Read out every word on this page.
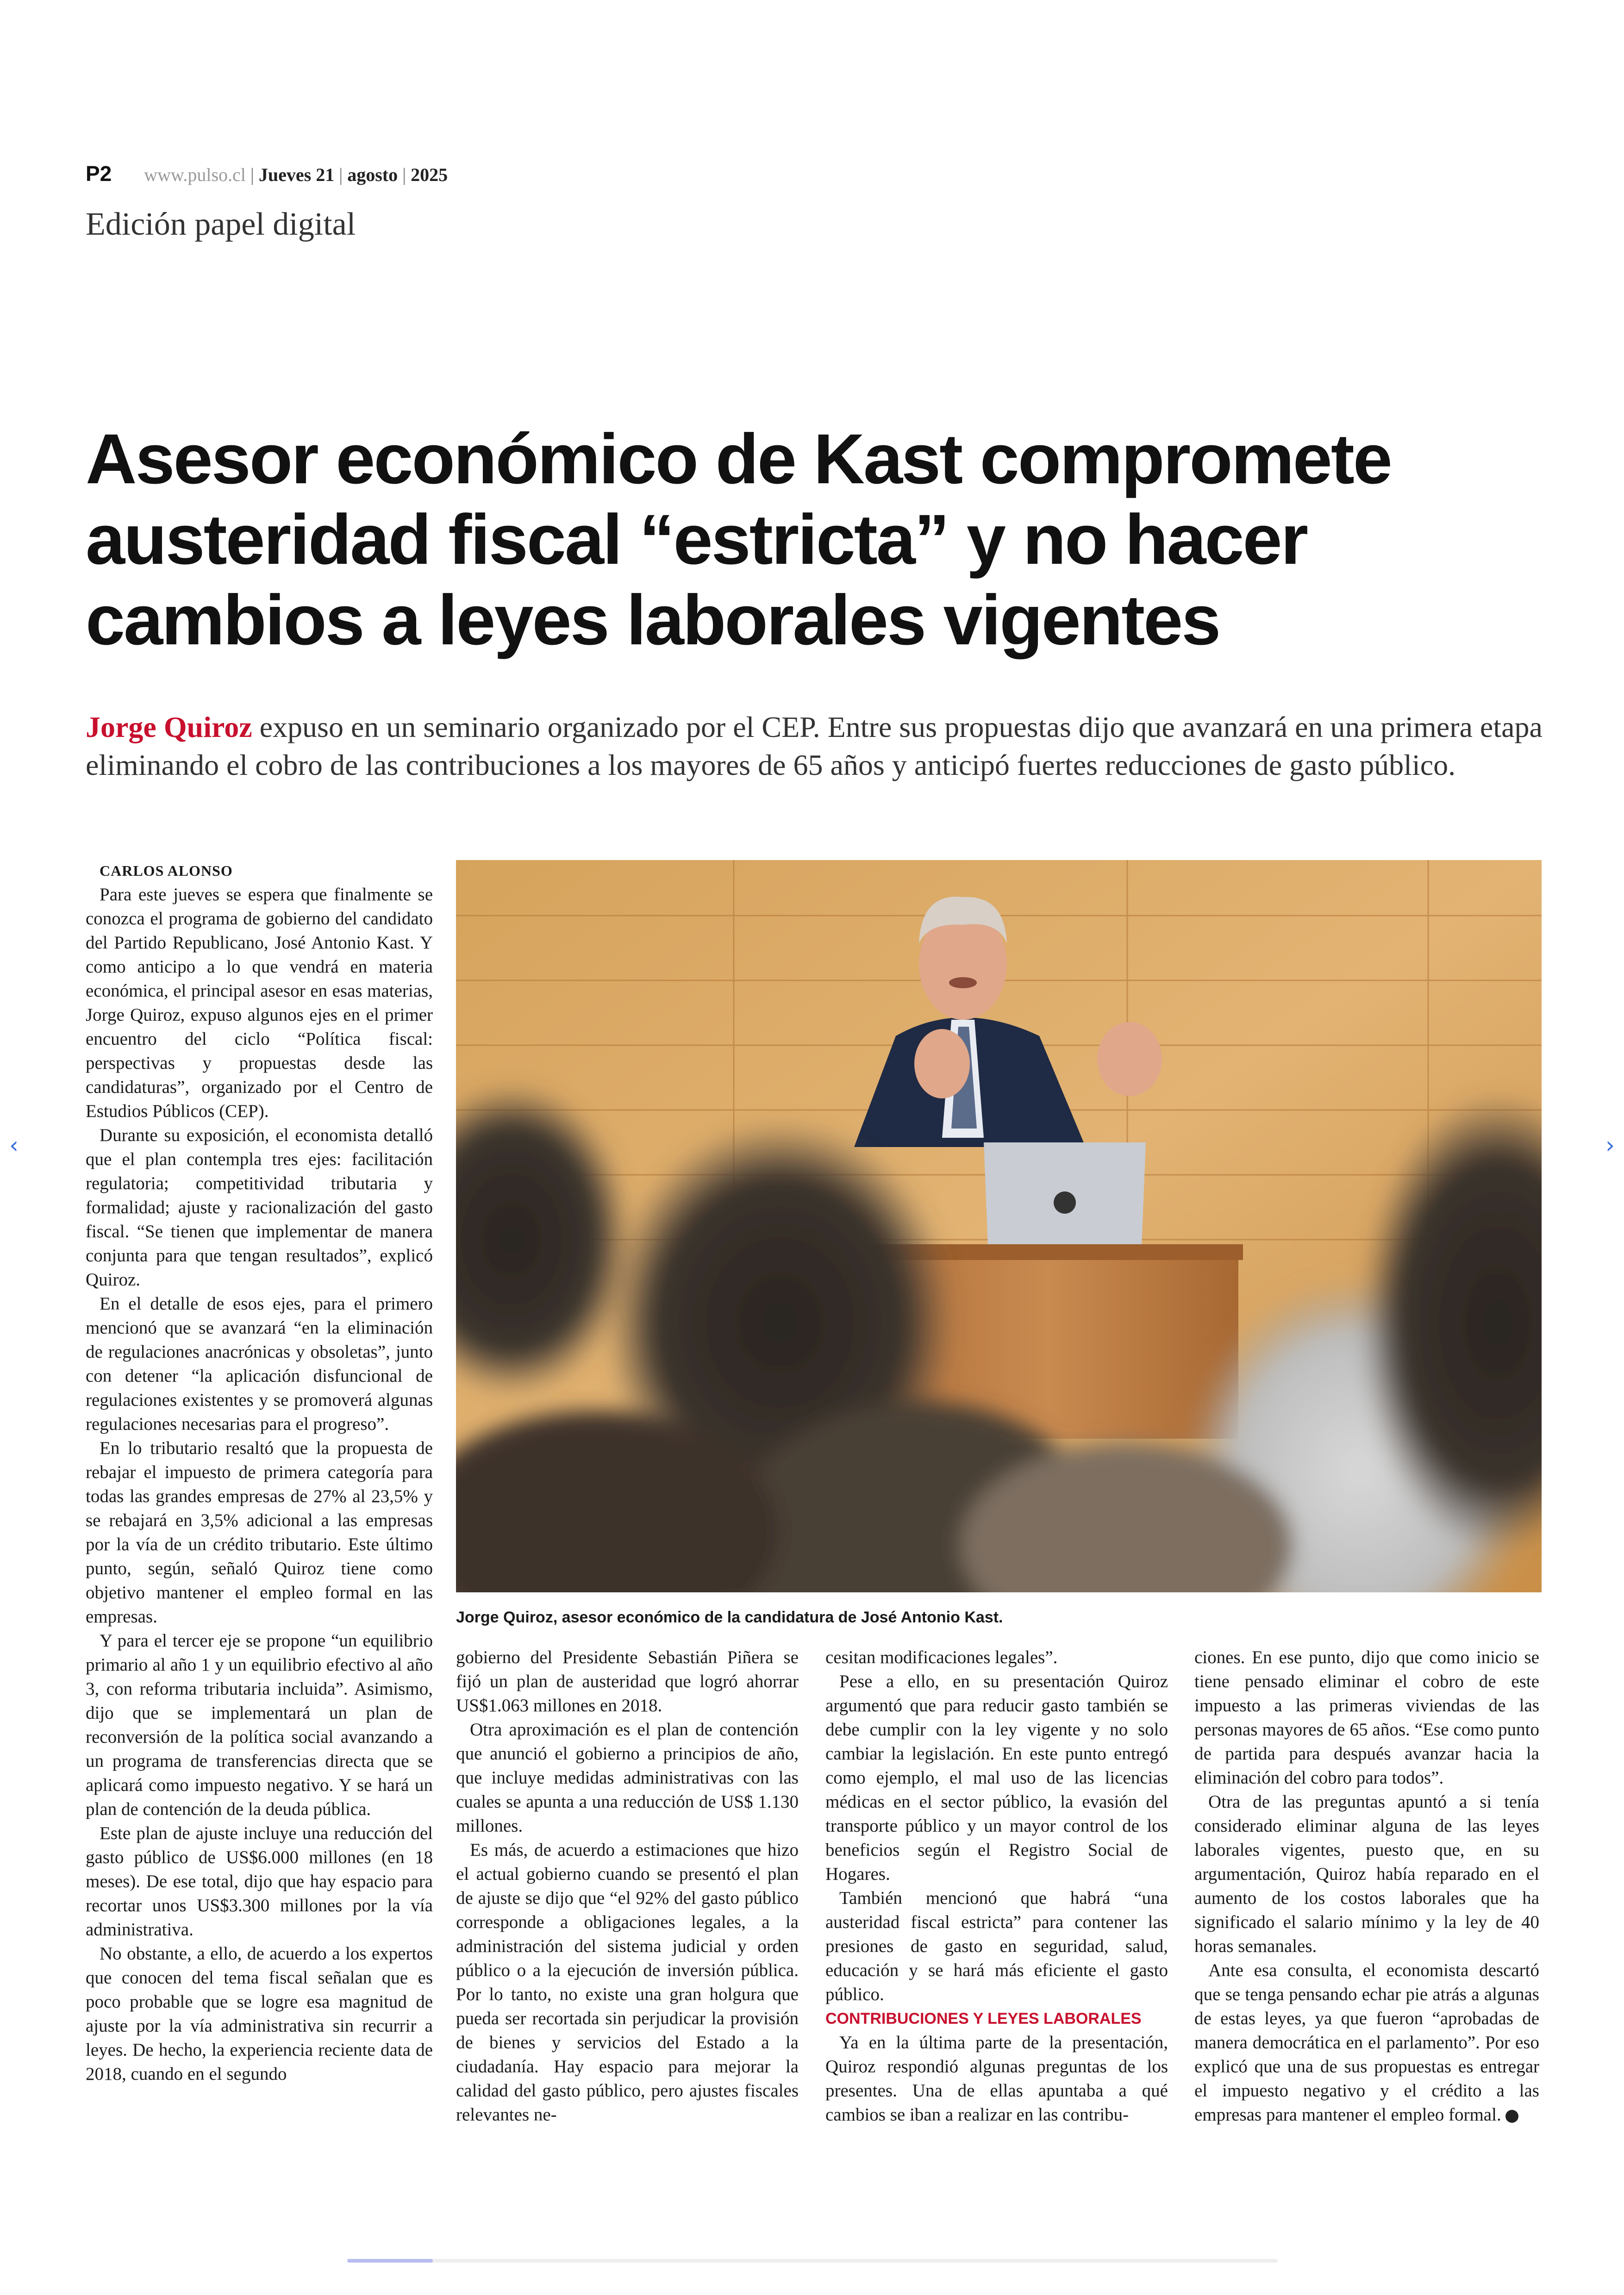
P2 www.pulso.cl | Jueves 21 | agosto | 2025
Edición papel digital
Asesor económico de Kast compromete austeridad fiscal “estricta” y no hacer cambios a leyes laborales vigentes

Jorge Quiroz expuso en un seminario organizado por el CEP. Entre sus propuestas dijo que avanzará en una primera etapa eliminando el cobro de las contribuciones a los mayores de 65 años y anticipó fuertes reducciones de gasto público.

CARLOS ALONSO

Para este jueves se espera que finalmente se conozca el programa de gobierno del candidato del Partido Republicano, José Antonio Kast. Y como anticipo a lo que vendrá en materia económica, el principal asesor en esas materias, Jorge Quiroz, expuso algunos ejes en el primer encuentro del ciclo “Política fiscal: perspectivas y propuestas desde las candidaturas”, organizado por el Centro de Estudios Públicos (CEP).

Durante su exposición, el economista detalló que el plan contempla tres ejes: facilitación regulatoria; competitividad tributaria y formalidad; ajuste y racionalización del gasto fiscal. “Se tienen que implementar de manera conjunta para que tengan resultados”, explicó Quiroz.

En el detalle de esos ejes, para el primero mencionó que se avanzará “en la eliminación de regulaciones anacrónicas y obsoletas”, junto con detener “la aplicación disfuncional de regulaciones existentes y se promoverá algunas regulaciones necesarias para el progreso”.

En lo tributario resaltó que la propuesta de rebajar el impuesto de primera categoría para todas las grandes empresas de 27% al 23,5% y se rebajará en 3,5% adicional a las empresas por la vía de un crédito tributario. Este último punto, según, señaló Quiroz tiene como objetivo mantener el empleo formal en las empresas.

Y para el tercer eje se propone “un equilibrio primario al año 1 y un equilibrio efectivo al año 3, con reforma tributaria incluida”. Asimismo, dijo que se implementará un plan de reconversión de la política social avanzando a un programa de transferencias directa que se aplicará como impuesto negativo. Y se hará un plan de contención de la deuda pública.

Este plan de ajuste incluye una reducción del gasto público de US$6.000 millones (en 18 meses). De ese total, dijo que hay espacio para recortar unos US$3.300 millones por la vía administrativa.

No obstante, a ello, de acuerdo a los expertos que conocen del tema fiscal señalan que es poco probable que se logre esa magnitud de ajuste por la vía administrativa sin recurrir a leyes. De hecho, la experiencia reciente data de 2018, cuando en el segundo

Jorge Quiroz, asesor económico de la candidatura de José Antonio Kast.

gobierno del Presidente Sebastián Piñera se fijó un plan de austeridad que logró ahorrar US$1.063 millones en 2018.

Otra aproximación es el plan de contención que anunció el gobierno a principios de año, que incluye medidas administrativas con las cuales se apunta a una reducción de US$ 1.130 millones.

Es más, de acuerdo a estimaciones que hizo el actual gobierno cuando se presentó el plan de ajuste se dijo que “el 92% del gasto público corresponde a obligaciones legales, a la administración del sistema judicial y orden público o a la ejecución de inversión pública. Por lo tanto, no existe una gran holgura que pueda ser recortada sin perjudicar la provisión de bienes y servicios del Estado a la ciudadanía. Hay espacio para mejorar la calidad del gasto público, pero ajustes fiscales relevantes ne-

cesitan modificaciones legales”.

Pese a ello, en su presentación Quiroz argumentó que para reducir gasto también se debe cumplir con la ley vigente y no solo cambiar la legislación. En este punto entregó como ejemplo, el mal uso de las licencias médicas en el sector público, la evasión del transporte público y un mayor control de los beneficios según el Registro Social de Hogares.

También mencionó que habrá “una austeridad fiscal estricta” para contener las presiones de gasto en seguridad, salud, educación y se hará más eficiente el gasto público.

CONTRIBUCIONES Y LEYES LABORALES

Ya en la última parte de la presentación, Quiroz respondió algunas preguntas de los presentes. Una de ellas apuntaba a qué cambios se iban a realizar en las contribu-

ciones. En ese punto, dijo que como inicio se tiene pensado eliminar el cobro de este impuesto a las primeras viviendas de las personas mayores de 65 años. “Ese como punto de partida para después avanzar hacia la eliminación del cobro para todos”.

Otra de las preguntas apuntó a si tenía considerado eliminar alguna de las leyes laborales vigentes, puesto que, en su argumentación, Quiroz había reparado en el aumento de los costos laborales que ha significado el salario mínimo y la ley de 40 horas semanales.

Ante esa consulta, el economista descartó que se tenga pensando echar pie atrás a algunas de estas leyes, ya que fueron “aprobadas de manera democrática en el parlamento”. Por eso explicó que una de sus propuestas es entregar el impuesto negativo y el crédito a las empresas para mantener el empleo formal. P

‹	›
